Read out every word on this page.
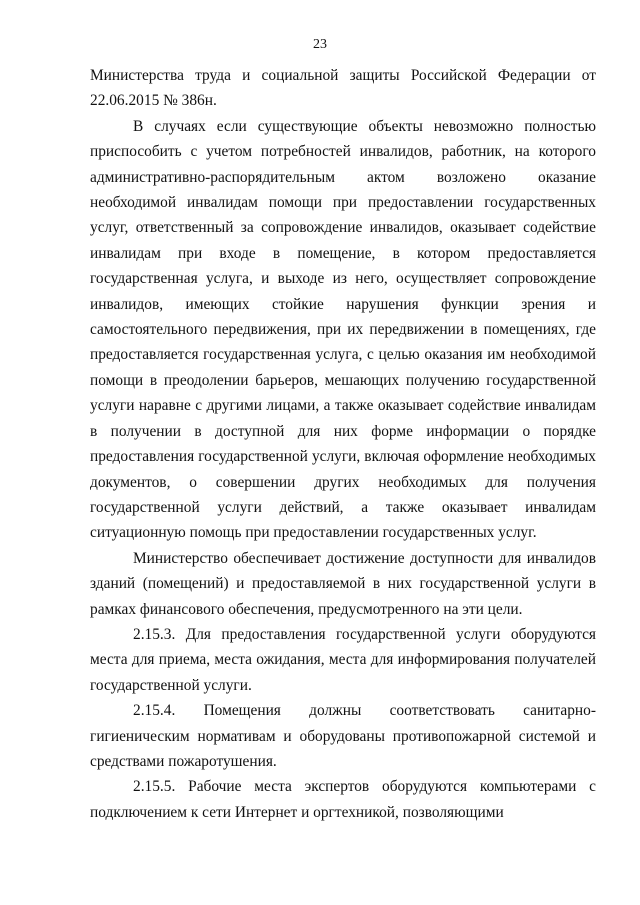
23

Министерства труда и социальной защиты Российской Федерации от 22.06.2015 № 386н.

В случаях если существующие объекты невозможно полностью приспособить с учетом потребностей инвалидов, работник, на которого административно-распорядительным актом возложено оказание необходимой инвалидам помощи при предоставлении государственных услуг, ответственный за сопровождение инвалидов, оказывает содействие инвалидам при входе в помещение, в котором предоставляется государственная услуга, и выходе из него, осуществляет сопровождение инвалидов, имеющих стойкие нарушения функции зрения и самостоятельного передвижения, при их передвижении в помещениях, где предоставляется государственная услуга, с целью оказания им необходимой помощи в преодолении барьеров, мешающих получению государственной услуги наравне с другими лицами, а также оказывает содействие инвалидам в получении в доступной для них форме информации о порядке предоставления государственной услуги, включая оформление необходимых документов, о совершении других необходимых для получения государственной услуги действий, а также оказывает инвалидам ситуационную помощь при предоставлении государственных услуг.

Министерство обеспечивает достижение доступности для инвалидов зданий (помещений) и предоставляемой в них государственной услуги в рамках финансового обеспечения, предусмотренного на эти цели.

2.15.3. Для предоставления государственной услуги оборудуются места для приема, места ожидания, места для информирования получателей государственной услуги.

2.15.4. Помещения должны соответствовать санитарно-гигиеническим нормативам и оборудованы противопожарной системой и средствами пожаротушения.

2.15.5. Рабочие места экспертов оборудуются компьютерами с подключением к сети Интернет и оргтехникой, позволяющими
